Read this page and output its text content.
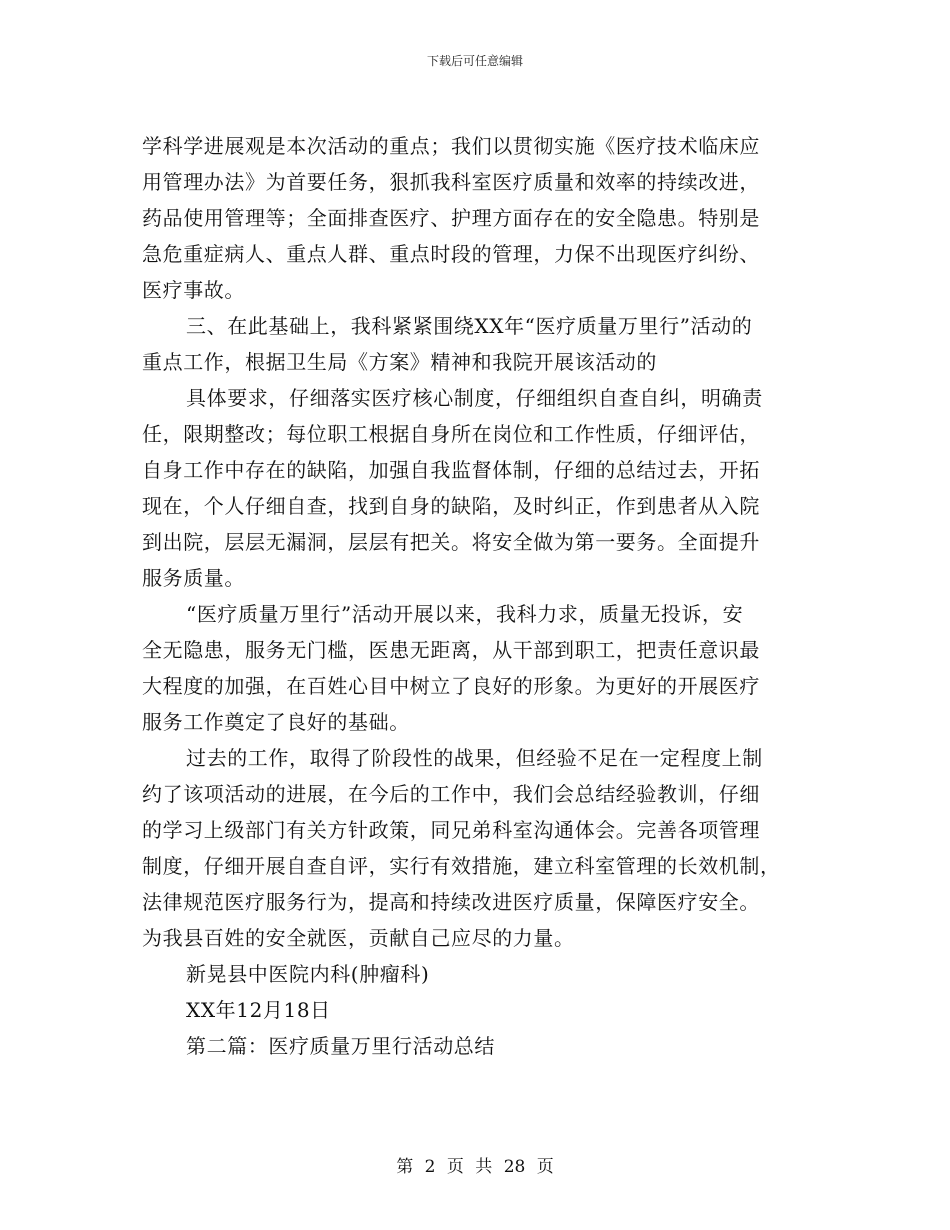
下载后可任意编辑
学科学进展观是本次活动的重点；我们以贯彻实施《医疗技术临床应
用管理办法》为首要任务，狠抓我科室医疗质量和效率的持续改进，
药品使用管理等；全面排查医疗、护理方面存在的安全隐患。特别是
急危重症病人、重点人群、重点时段的管理，力保不出现医疗纠纷、
医疗事故。
三、在此基础上，我科紧紧围绕XX年“医疗质量万里行”活动的
重点工作，根据卫生局《方案》精神和我院开展该活动的
具体要求，仔细落实医疗核心制度，仔细组织自查自纠，明确责
任，限期整改；每位职工根据自身所在岗位和工作性质，仔细评估，
自身工作中存在的缺陷，加强自我监督体制，仔细的总结过去，开拓
现在，个人仔细自查，找到自身的缺陷，及时纠正，作到患者从入院
到出院，层层无漏洞，层层有把关。将安全做为第一要务。全面提升
服务质量。
“医疗质量万里行”活动开展以来，我科力求，质量无投诉，安
全无隐患，服务无门槛，医患无距离，从干部到职工，把责任意识最
大程度的加强，在百姓心目中树立了良好的形象。为更好的开展医疗
服务工作奠定了良好的基础。
过去的工作，取得了阶段性的战果，但经验不足在一定程度上制
约了该项活动的进展，在今后的工作中，我们会总结经验教训，仔细
的学习上级部门有关方针政策，同兄弟科室沟通体会。完善各项管理
制度，仔细开展自查自评，实行有效措施，建立科室管理的长效机制，
法律规范医疗服务行为，提高和持续改进医疗质量，保障医疗安全。
为我县百姓的安全就医，贡献自己应尽的力量。
新晃县中医院内科(肿瘤科)
XX年12月18日
第二篇：医疗质量万里行活动总结
第 2 页 共 28 页
